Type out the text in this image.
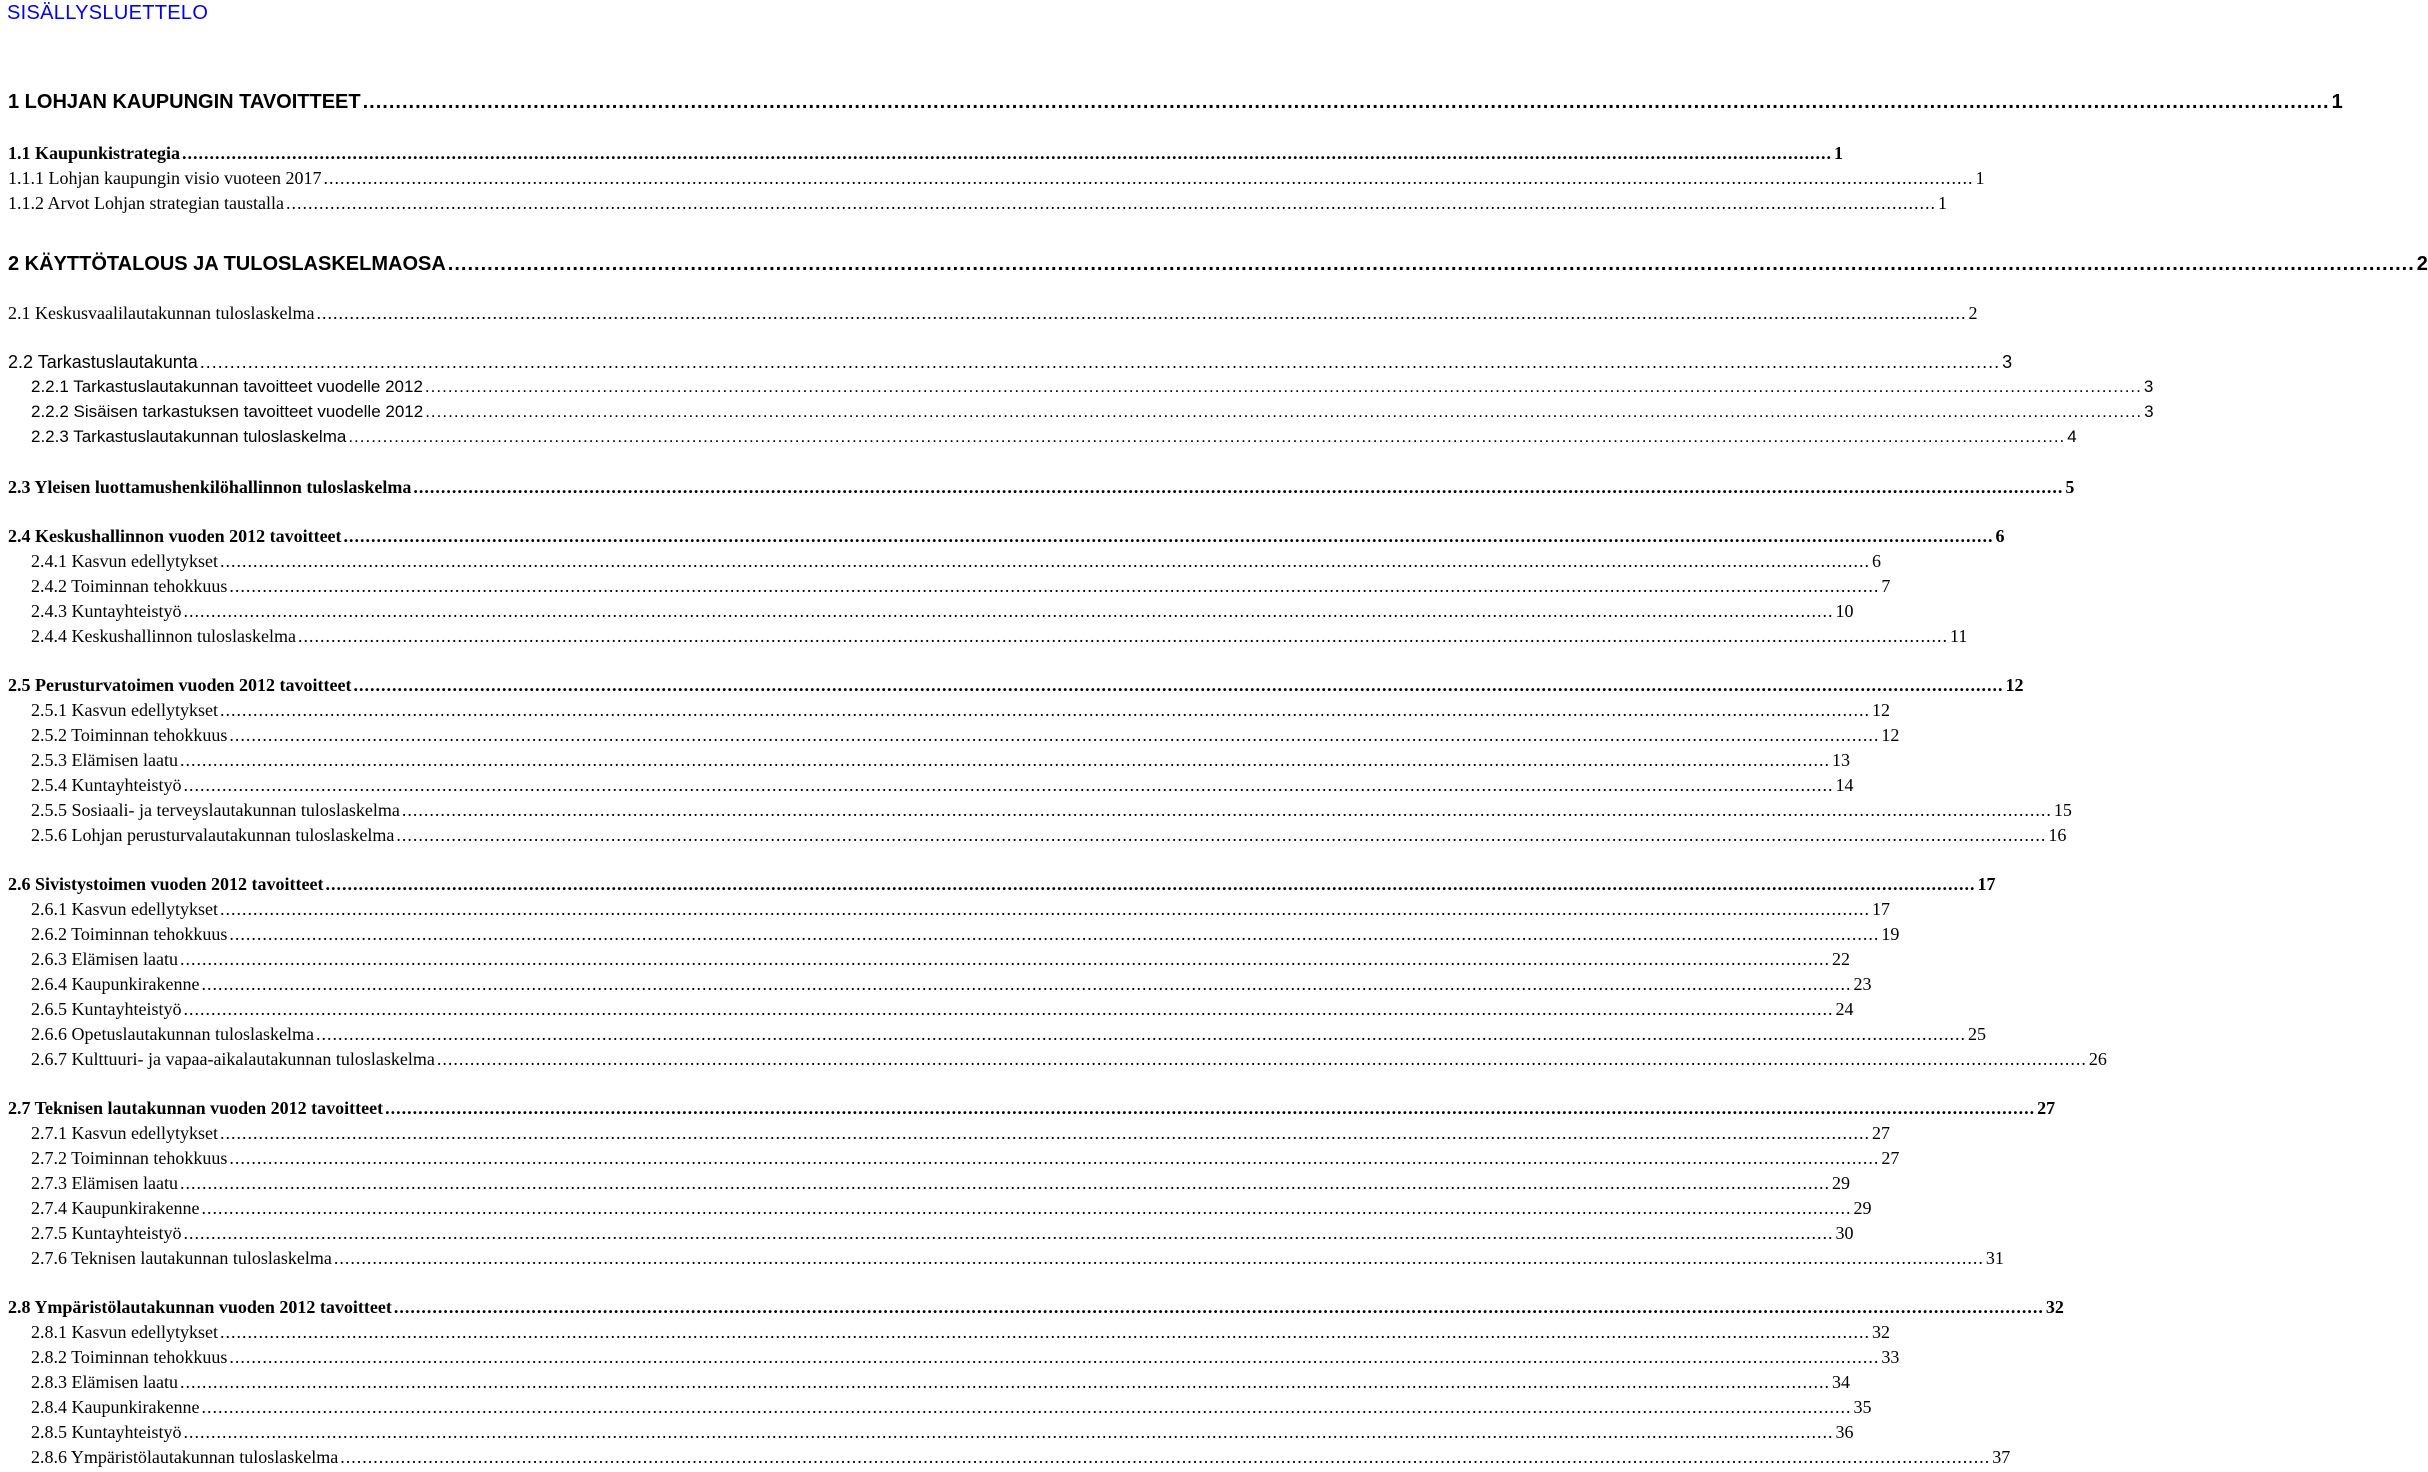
SISÄLLYSLUETTELO
1 LOHJAN KAUPUNGIN TAVOITTEET ............................................................................................................................................................................................................................................................................................................ 1
1.1 Kaupunkistrategia ............................................................................................................................................................................................................................................................................................................ 1
1.1.1 Lohjan kaupungin visio vuoteen 2017 ............................................................................................................................................................................................................................................................................................................ 1
1.1.2 Arvot Lohjan strategian taustalla ............................................................................................................................................................................................................................................................................................................ 1
2 KÄYTTÖTALOUS JA TULOSLASKELMAOSA ............................................................................................................................................................................................................................................................................................................ 2
2.1 Keskusvaalilautakunnan tuloslaskelma ............................................................................................................................................................................................................................................................................................................ 2
2.2 Tarkastuslautakunta ............................................................................................................................................................................................................................................................................................................ 3
2.2.1 Tarkastuslautakunnan tavoitteet vuodelle 2012 ............................................................................................................................................................................................................................................................................................................ 3
2.2.2 Sisäisen tarkastuksen tavoitteet vuodelle 2012 ............................................................................................................................................................................................................................................................................................................ 3
2.2.3 Tarkastuslautakunnan tuloslaskelma ............................................................................................................................................................................................................................................................................................................ 4
2.3 Yleisen luottamushenkilöhallinnon tuloslaskelma ............................................................................................................................................................................................................................................................................................................ 5
2.4 Keskushallinnon vuoden 2012 tavoitteet ............................................................................................................................................................................................................................................................................................................ 6
2.4.1 Kasvun edellytykset ............................................................................................................................................................................................................................................................................................................ 6
2.4.2 Toiminnan tehokkuus ............................................................................................................................................................................................................................................................................................................ 7
2.4.3 Kuntayhteistyö ............................................................................................................................................................................................................................................................................................................ 10
2.4.4 Keskushallinnon tuloslaskelma ............................................................................................................................................................................................................................................................................................................ 11
2.5 Perusturvatoimen vuoden 2012 tavoitteet ............................................................................................................................................................................................................................................................................................................ 12
2.5.1 Kasvun edellytykset ............................................................................................................................................................................................................................................................................................................ 12
2.5.2 Toiminnan tehokkuus ............................................................................................................................................................................................................................................................................................................ 12
2.5.3 Elämisen laatu ............................................................................................................................................................................................................................................................................................................ 13
2.5.4 Kuntayhteistyö ............................................................................................................................................................................................................................................................................................................ 14
2.5.5 Sosiaali- ja terveyslautakunnan tuloslaskelma ............................................................................................................................................................................................................................................................................................................ 15
2.5.6 Lohjan perusturvalautakunnan tuloslaskelma ............................................................................................................................................................................................................................................................................................................ 16
2.6 Sivistystoimen vuoden 2012 tavoitteet ............................................................................................................................................................................................................................................................................................................ 17
2.6.1 Kasvun edellytykset ............................................................................................................................................................................................................................................................................................................ 17
2.6.2 Toiminnan tehokkuus ............................................................................................................................................................................................................................................................................................................ 19
2.6.3 Elämisen laatu ............................................................................................................................................................................................................................................................................................................ 22
2.6.4 Kaupunkirakenne ............................................................................................................................................................................................................................................................................................................ 23
2.6.5 Kuntayhteistyö ............................................................................................................................................................................................................................................................................................................ 24
2.6.6 Opetuslautakunnan tuloslaskelma ............................................................................................................................................................................................................................................................................................................ 25
2.6.7 Kulttuuri- ja vapaa-aikalautakunnan tuloslaskelma ............................................................................................................................................................................................................................................................................................................ 26
2.7 Teknisen lautakunnan vuoden 2012 tavoitteet ............................................................................................................................................................................................................................................................................................................ 27
2.7.1 Kasvun edellytykset ............................................................................................................................................................................................................................................................................................................ 27
2.7.2 Toiminnan tehokkuus ............................................................................................................................................................................................................................................................................................................ 27
2.7.3 Elämisen laatu ............................................................................................................................................................................................................................................................................................................ 29
2.7.4 Kaupunkirakenne ............................................................................................................................................................................................................................................................................................................ 29
2.7.5 Kuntayhteistyö ............................................................................................................................................................................................................................................................................................................ 30
2.7.6 Teknisen lautakunnan tuloslaskelma ............................................................................................................................................................................................................................................................................................................ 31
2.8 Ympäristölautakunnan vuoden 2012 tavoitteet ............................................................................................................................................................................................................................................................................................................ 32
2.8.1 Kasvun edellytykset ............................................................................................................................................................................................................................................................................................................ 32
2.8.2 Toiminnan tehokkuus ............................................................................................................................................................................................................................................................................................................ 33
2.8.3 Elämisen laatu ............................................................................................................................................................................................................................................................................................................ 34
2.8.4 Kaupunkirakenne ............................................................................................................................................................................................................................................................................................................ 35
2.8.5 Kuntayhteistyö ............................................................................................................................................................................................................................................................................................................ 36
2.8.6 Ympäristölautakunnan tuloslaskelma ............................................................................................................................................................................................................................................................................................................ 37
